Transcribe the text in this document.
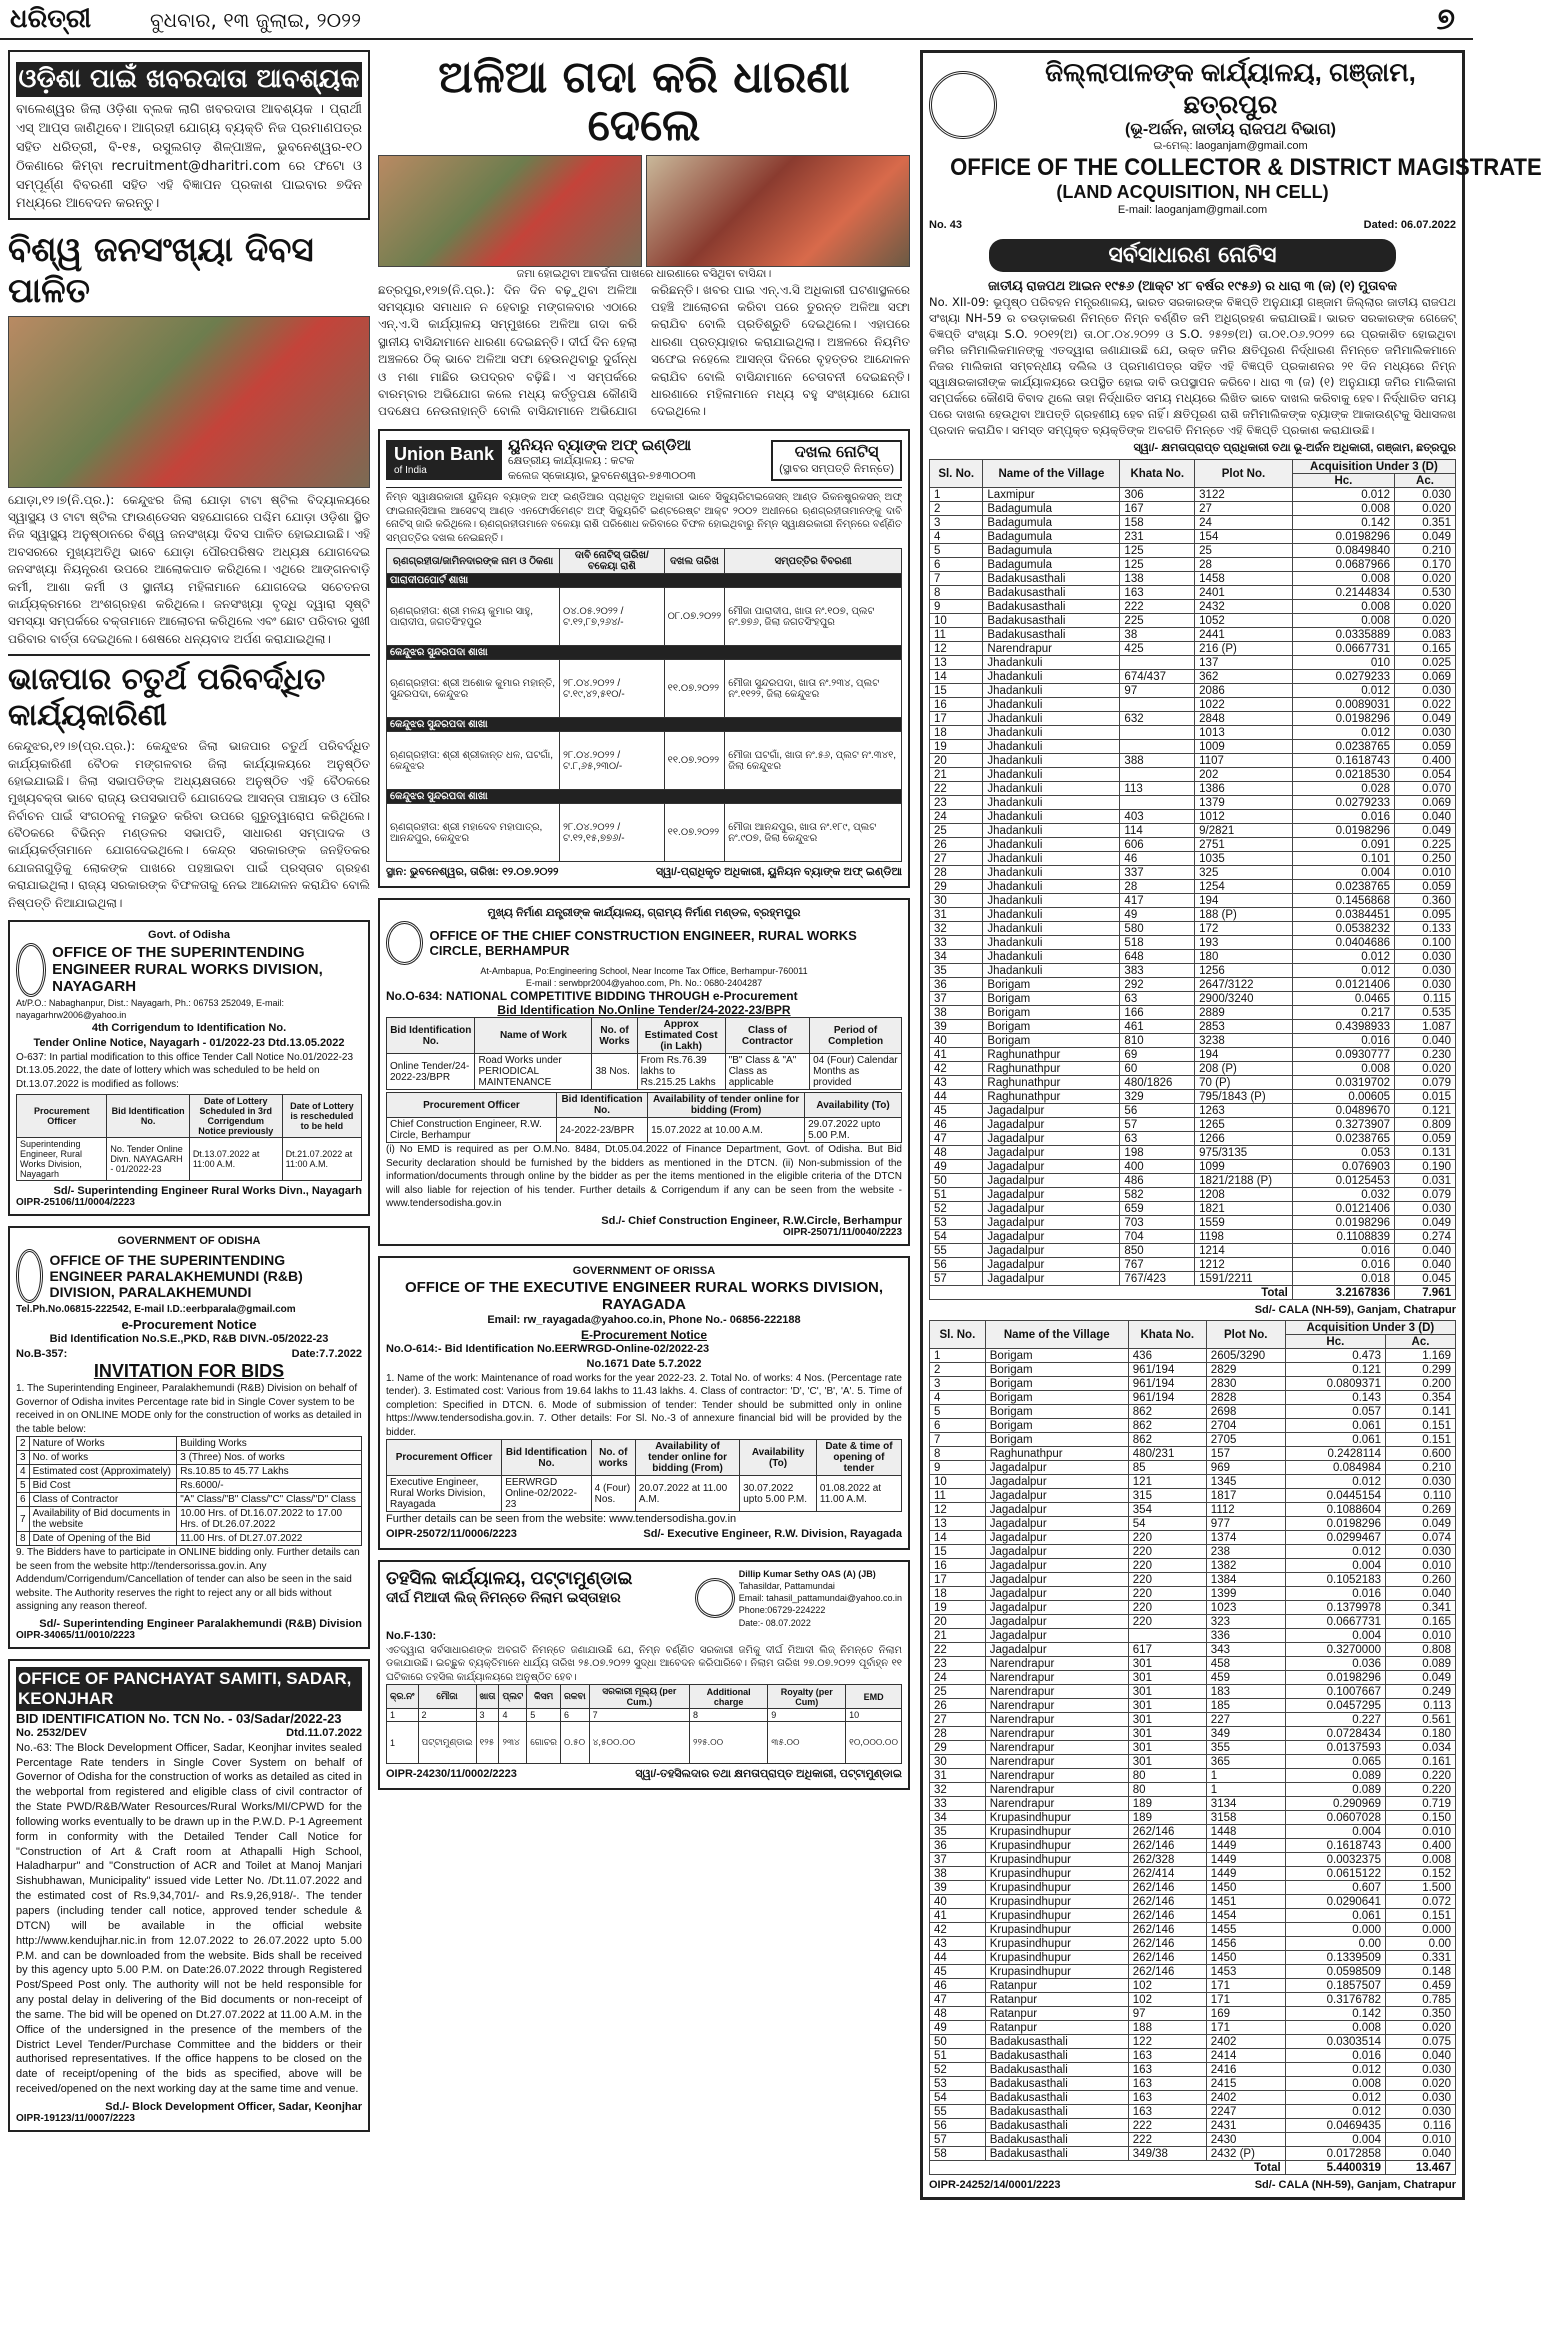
ଧରିତ୍ରୀ	ବୁଧବାର, ୧୩ ଜୁଲାଇ, ୨୦୨୨	୭
ଓଡ଼ିଶା ପାଇଁ ଖବରଦାତା ଆବଶ୍ୟକ
ବାଲେଶ୍ୱର ଜିଲା ଓଡ଼ିଶା ବ୍ଲକ ଲାଗି ଖବରଦାତା ଆବଶ୍ୟକ । ପ୍ରାର୍ଥୀ ଏସ୍ ଆପ୍ସ ଜାଣିଥିବେ। ଆଗ୍ରହୀ ଯୋଗ୍ୟ ବ୍ୟକ୍ତି ନିଜ ପ୍ରମାଣପତ୍ର ସହିତ ଧରିତ୍ରୀ, ବି-୧୫, ରସୁଲଗଡ଼ ଶିଳ୍ପାଞ୍ଚଳ, ଭୁବନେଶ୍ୱର-୧୦ ଠିକଣାରେ କିମ୍ବା recruitment@dharitri.com ରେ ଫଟୋ ଓ ସମ୍ପୂର୍ଣ୍ଣ ବିବରଣୀ ସହିତ ଏହି ବିଜ୍ଞାପନ ପ୍ରକାଶ ପାଇବାର ୭ଦିନ ମଧ୍ୟରେ ଆବେଦନ କରନ୍ତୁ।
ବିଶ୍ୱ ଜନସଂଖ୍ୟା ଦିବସ ପାଳିତ
ଯୋଡ଼ା,୧୨।୭(ନି.ପ୍ର.): କେନ୍ଦୁଝର ଜିଲା ଯୋଡ଼ା ଟାଟା ଷ୍ଟିଲ ବିଦ୍ୟାଳୟରେ ସ୍ୱାସ୍ଥ୍ୟ ଓ ଟାଟା ଷ୍ଟିଲ ଫାଉଣ୍ଡେସନ ସହଯୋଗରେ ପଶ୍ଚିମ ଯୋଡ଼ା ଓଡ଼ିଶା ସ୍ଥିତ ନିଜ ସ୍ୱାସ୍ଥ୍ୟ ଅନୁଷ୍ଠାନରେ ବିଶ୍ୱ ଜନସଂଖ୍ୟା ଦିବସ ପାଳିତ ହୋଇଯାଇଛି। ଏହି ଅବସରରେ ମୁଖ୍ୟଅତିଥି ଭାବେ ଯୋଡ଼ା ପୌରପରିଷଦ ଅଧ୍ୟକ୍ଷ ଯୋଗଦେଇ ଜନସଂଖ୍ୟା ନିୟନ୍ତ୍ରଣ ଉପରେ ଆଲୋକପାତ କରିଥିଲେ। ଏଥିରେ ଆଙ୍ଗନବାଡ଼ି କର୍ମୀ, ଆଶା କର୍ମୀ ଓ ସ୍ଥାନୀୟ ମହିଳାମାନେ ଯୋଗଦେଇ ସଚେତନତା କାର୍ଯ୍ୟକ୍ରମରେ ଅଂଶଗ୍ରହଣ କରିଥିଲେ। ଜନସଂଖ୍ୟା ବୃଦ୍ଧି ଦ୍ୱାରା ସୃଷ୍ଟି ସମସ୍ୟା ସମ୍ପର୍କରେ ବକ୍ତାମାନେ ଆଲୋଚନା କରିଥିଲେ ଏବଂ ଛୋଟ ପରିବାର ସୁଖୀ ପରିବାର ବାର୍ତ୍ତା ଦେଇଥିଲେ। ଶେଷରେ ଧନ୍ୟବାଦ ଅର୍ପଣ କରାଯାଇଥିଲା।
ଭାଜପାର ଚତୁର୍ଥ ପରିବର୍ଦ୍ଧିତ କାର୍ଯ୍ୟକାରିଣୀ
କେନ୍ଦୁଝର,୧୨।୭(ପ୍ର.ପ୍ର.): କେନ୍ଦୁଝର ଜିଲା ଭାଜପାର ଚତୁର୍ଥ ପରିବର୍ଦ୍ଧିତ କାର୍ଯ୍ୟକାରିଣୀ ବୈଠକ ମଙ୍ଗଳବାର ଜିଲା କାର୍ଯ୍ୟାଳୟରେ ଅନୁଷ୍ଠିତ ହୋଇଯାଇଛି। ଜିଲା ସଭାପତିଙ୍କ ଅଧ୍ୟକ୍ଷତାରେ ଅନୁଷ୍ଠିତ ଏହି ବୈଠକରେ ମୁଖ୍ୟବକ୍ତା ଭାବେ ରାଜ୍ୟ ଉପସଭାପତି ଯୋଗଦେଇ ଆସନ୍ତା ପଞ୍ଚାୟତ ଓ ପୌର ନିର୍ବାଚନ ପାଇଁ ସଂଗଠନକୁ ମଜଭୁତ କରିବା ଉପରେ ଗୁରୁତ୍ୱାରୋପ କରିଥିଲେ। ବୈଠକରେ ବିଭିନ୍ନ ମଣ୍ଡଳର ସଭାପତି, ସାଧାରଣ ସମ୍ପାଦକ ଓ କାର୍ଯ୍ୟକର୍ତ୍ତାମାନେ ଯୋଗଦେଇଥିଲେ। କେନ୍ଦ୍ର ସରକାରଙ୍କ ଜନହିତକର ଯୋଜନାଗୁଡ଼ିକୁ ଲୋକଙ୍କ ପାଖରେ ପହଞ୍ଚାଇବା ପାଇଁ ପ୍ରସ୍ତାବ ଗ୍ରହଣ କରାଯାଇଥିଲା। ରାଜ୍ୟ ସରକାରଙ୍କ ବିଫଳତାକୁ ନେଇ ଆନ୍ଦୋଳନ କରାଯିବ ବୋଲି ନିଷ୍ପତ୍ତି ନିଆଯାଇଥିଲା।
Govt. of Odisha
OFFICE OF THE SUPERINTENDING ENGINEER RURAL WORKS DIVISION, NAYAGARH
At/P.O.: Nabaghanpur, Dist.: Nayagarh, Ph.: 06753 252049, E-mail: nayagarhrw2006@yahoo.in
4th Corrigendum to Identification No.
Tender Online Notice, Nayagarh - 01/2022-23 Dtd.13.05.2022
O-637: In partial modification to this office Tender Call Notice No.01/2022-23 Dt.13.05.2022, the date of lottery which was scheduled to be held on Dt.13.07.2022 is modified as follows:
Procurement Officer	Bid Identification No.	Date of Lottery Scheduled in 3rd Corrigendum Notice previously	Date of Lottery is rescheduled to be held
Superintending Engineer, Rural Works Division, Nayagarh	No. Tender Online Divn. NAYAGARH - 01/2022-23	Dt.13.07.2022 at 11:00 A.M.	Dt.21.07.2022 at 11:00 A.M.
Sd/- Superintending Engineer Rural Works Divn., Nayagarh
OIPR-25106/11/0004/2223
GOVERNMENT OF ODISHA
OFFICE OF THE SUPERINTENDING ENGINEER PARALAKHEMUNDI (R&B) DIVISION, PARALAKHEMUNDI
Tel.Ph.No.06815-222542, E-mail I.D.:eerbparala@gmail.com
e-Procurement Notice
Bid Identification No.S.E.,PKD, R&B DIVN.-05/2022-23
No.B-357:	Date:7.7.2022
INVITATION FOR BIDS
1. The Superintending Engineer, Paralakhemundi (R&B) Division on behalf of Governor of Odisha invites Percentage rate bid in Single Cover system to be received in on ONLINE MODE only for the construction of works as detailed in the table below:
2	Nature of Works	Building Works
3	No. of works	3 (Three) Nos. of works
4	Estimated cost (Approximately)	Rs.10.85 to 45.77 Lakhs
5	Bid Cost	Rs.6000/-
6	Class of Contractor	"A" Class/"B" Class/"C" Class/"D" Class
7	Availability of Bid documents in the website	10.00 Hrs. of Dt.16.07.2022 to 17.00 Hrs. of Dt.26.07.2022
8	Date of Opening of the Bid	11.00 Hrs. of Dt.27.07.2022
9. The Bidders have to participate in ONLINE bidding only. Further details can be seen from the website http://tendersorissa.gov.in. Any Addendum/Corrigendum/Cancellation of tender can also be seen in the said website. The Authority reserves the right to reject any or all bids without assigning any reason thereof.
Sd/- Superintending Engineer Paralakhemundi (R&B) Division
OIPR-34065/11/0010/2223
OFFICE OF PANCHAYAT SAMITI, SADAR, KEONJHAR
BID IDENTIFICATION No. TCN No. - 03/Sadar/2022-23
No. 2532/DEV	Dtd.11.07.2022
No.-63: The Block Development Officer, Sadar, Keonjhar invites sealed Percentage Rate tenders in Single Cover System on behalf of Governor of Odisha for the construction of works as detailed as cited in the webportal from registered and eligible class of civil contractor of the State PWD/R&B/Water Resources/Rural Works/MI/CPWD for the following works eventually to be drawn up in the P.W.D. P-1 Agreement form in conformity with the Detailed Tender Call Notice for "Construction of Art & Craft room at Athapalli High School, Haladharpur" and "Construction of ACR and Toilet at Manoj Manjari Sishubhawan, Municipality" issued vide Letter No. /Dt.11.07.2022 and the estimated cost of Rs.9,34,701/- and Rs.9,26,918/-. The tender papers (including tender call notice, approved tender schedule & DTCN) will be available in the official website http://www.kendujhar.nic.in from 12.07.2022 to 26.07.2022 upto 5.00 P.M. and can be downloaded from the website. Bids shall be received by this agency upto 5.00 P.M. on Date:26.07.2022 through Registered Post/Speed Post only. The authority will not be held responsible for any postal delay in delivering of the Bid documents or non-receipt of the same. The bid will be opened on Dt.27.07.2022 at 11.00 A.M. in the Office of the undersigned in the presence of the members of the District Level Tender/Purchase Committee and the bidders or their authorised representatives. If the office happens to be closed on the date of receipt/opening of the bids as specified, above will be received/opened on the next working day at the same time and venue.
Sd./- Block Development Officer, Sadar, Keonjhar
OIPR-19123/11/0007/2223
ଅଳିଆ ଗଦା କରି ଧାରଣା ଦେଲେ
ଜମା ହୋଇଥିବା ଆବର୍ଜନା ପାଖରେ ଧାରଣାରେ ବସିଥିବା ବାସିନ୍ଦା।
ଛତ୍ରପୁର,୧୨ା୭(ନି.ପ୍ର.): ଦିନ ଦିନ ବଢ଼ୁଥିବା ଅଳିଆ ସମସ୍ୟାର ସମାଧାନ ନ ହେବାରୁ ମଙ୍ଗଳବାର ଏଠାରେ ଏନ୍.ଏ.ସି କାର୍ଯ୍ୟାଳୟ ସମ୍ମୁଖରେ ଅଳିଆ ଗଦା କରି ସ୍ଥାନୀୟ ବାସିନ୍ଦାମାନେ ଧାରଣା ଦେଇଛନ୍ତି। ଦୀର୍ଘ ଦିନ ହେଲା ଅଞ୍ଚଳରେ ଠିକ୍ ଭାବେ ଅଳିଆ ସଫା ହେଉନଥିବାରୁ ଦୁର୍ଗନ୍ଧ ଓ ମଶା ମାଛିର ଉପଦ୍ରବ ବଢ଼ିଛି। ଏ ସମ୍ପର୍କରେ ବାରମ୍ବାର ଅଭିଯୋଗ କଲେ ମଧ୍ୟ କର୍ତ୍ତୃପକ୍ଷ କୌଣସି ପଦକ୍ଷେପ ନେଉନାହାନ୍ତି ବୋଲି ବାସିନ୍ଦାମାନେ ଅଭିଯୋଗ କରିଛନ୍ତି। ଖବର ପାଇ ଏନ୍.ଏ.ସି ଅଧିକାରୀ ଘଟଣାସ୍ଥଳରେ ପହଞ୍ଚି ଆଲୋଚନା କରିବା ପରେ ତୁରନ୍ତ ଅଳିଆ ସଫା କରାଯିବ ବୋଲି ପ୍ରତିଶ୍ରୁତି ଦେଇଥିଲେ। ଏହାପରେ ଧାରଣା ପ୍ରତ୍ୟାହାର କରାଯାଇଥିଲା। ଅଞ୍ଚଳରେ ନିୟମିତ ସଫେଇ ନହେଲେ ଆସନ୍ତା ଦିନରେ ବୃହତ୍ତର ଆନ୍ଦୋଳନ କରାଯିବ ବୋଲି ବାସିନ୍ଦାମାନେ ଚେତାବନୀ ଦେଇଛନ୍ତି। ଧାରଣାରେ ମହିଳାମାନେ ମଧ୍ୟ ବହୁ ସଂଖ୍ୟାରେ ଯୋଗ ଦେଇଥିଲେ।
Union Bank
of India
ୟୁନିୟନ ବ୍ୟାଙ୍କ ଅଫ୍ ଇଣ୍ଡିଆ
କ୍ଷେତ୍ରୀୟ କାର୍ଯ୍ୟାଳୟ : କଟକ
କଲେଜ ସ୍କୋୟାର, ଭୁବନେଶ୍ୱର-୭୫୩୦୦୩
ଦଖଲ ନୋଟିସ୍
(ସ୍ଥାବର ସମ୍ପତ୍ତି ନିମନ୍ତେ)
ନିମ୍ନ ସ୍ୱାକ୍ଷରକାରୀ ୟୁନିୟନ ବ୍ୟାଙ୍କ ଅଫ୍ ଇଣ୍ଡିଆର ପ୍ରାଧିକୃତ ଅଧିକାରୀ ଭାବେ ସିକ୍ୟୁରିଟାଇଜେସନ୍ ଆଣ୍ଡ ରିକନଷ୍ଟ୍ରକସନ୍ ଅଫ୍ ଫାଇନାନ୍ସିଆଲ ଆସେଟସ୍ ଆଣ୍ଡ ଏନଫୋର୍ସମେଣ୍ଟ ଅଫ୍ ସିକ୍ୟୁରିଟି ଇଣ୍ଟରେଷ୍ଟ ଆକ୍ଟ ୨୦୦୨ ଅଧୀନରେ ଋଣଗ୍ରହୀତାମାନଙ୍କୁ ଦାବି ନୋଟିସ୍ ଜାରି କରିଥିଲେ। ଋଣଗ୍ରହୀତାମାନେ ବକେୟା ରାଶି ପରିଶୋଧ କରିବାରେ ବିଫଳ ହୋଇଥିବାରୁ ନିମ୍ନ ସ୍ୱାକ୍ଷରକାରୀ ନିମ୍ନରେ ବର୍ଣ୍ଣିତ ସମ୍ପତ୍ତିର ଦଖଲ ନେଇଛନ୍ତି।
ଋଣଗ୍ରହୀତା/ଜାମିନଦାରଙ୍କ ନାମ ଓ ଠିକଣା	ଦାବି ନୋଟିସ୍ ତାରିଖ/ବକେୟା ରାଶି	ଦଖଲ ତାରିଖ	ସମ୍ପତ୍ତିର ବିବରଣୀ
ପାରାଦୀପପୋର୍ଟ ଶାଖା			
ଋଣଗ୍ରହୀତା: ଶ୍ରୀ ମଳୟ କୁମାର ସାହୁ, ପାରାଦୀପ, ଜଗତସିଂହପୁର	୦୪.୦୫.୨୦୨୨ / ଟ.୧୨,୮୭,୨୬୪/-	୦୮.୦୭.୨୦୨୨	ମୌଜା ପାରାଦୀପ, ଖାତା ନଂ.୧୦୭, ପ୍ଲଟ ନଂ.୭୭୬, ଜିଲା ଜଗତସିଂହପୁର
କେନ୍ଦୁଝର ସୁନ୍ଦରପଦା ଶାଖା			
ଋଣଗ୍ରହୀତା: ଶ୍ରୀ ଅଶୋକ କୁମାର ମହାନ୍ତି, ସୁନ୍ଦରପଦା, କେନ୍ଦୁଝର	୨୮.୦୪.୨୦୨୨ / ଟ.୧୯,୪୨,୫୧୦/-	୧୧.୦୭.୨୦୨୨	ମୌଜା ସୁନ୍ଦରପଦା, ଖାତା ନଂ.୨୩୪, ପ୍ଲଟ ନଂ.୧୧୨୨, ଜିଲା କେନ୍ଦୁଝର
କେନ୍ଦୁଝର ସୁନ୍ଦରପଦା ଶାଖା			
ଋଣଗ୍ରହୀତା: ଶ୍ରୀ ଶ୍ରୀକାନ୍ତ ଧଳ, ଘଟଗାଁ, କେନ୍ଦୁଝର	୨୮.୦୪.୨୦୨୨ / ଟ.୮,୬୫,୨୩୦/-	୧୧.୦୭.୨୦୨୨	ମୌଜା ଘଟଗାଁ, ଖାତା ନଂ.୫୬, ପ୍ଲଟ ନଂ.୩୪୧, ଜିଲା କେନ୍ଦୁଝର
କେନ୍ଦୁଝର ସୁନ୍ଦରପଦା ଶାଖା			
ଋଣଗ୍ରହୀତା: ଶ୍ରୀ ମହାଦେବ ମହାପାତ୍ର, ଆନନ୍ଦପୁର, କେନ୍ଦୁଝର	୨୮.୦୪.୨୦୨୨ / ଟ.୧୨,୧୫,୭୭୬/-	୧୧.୦୭.୨୦୨୨	ମୌଜା ଆନନ୍ଦପୁର, ଖାତା ନଂ.୧୮୯, ପ୍ଲଟ ନଂ.୯୦୭, ଜିଲା କେନ୍ଦୁଝର
ସ୍ଥାନ: ଭୁବନେଶ୍ୱର, ତାରିଖ: ୧୨.୦୭.୨୦୨୨	ସ୍ୱା/-ପ୍ରାଧିକୃତ ଅଧିକାରୀ, ୟୁନିୟନ ବ୍ୟାଙ୍କ ଅଫ୍ ଇଣ୍ଡିଆ
ମୁଖ୍ୟ ନିର୍ମାଣ ଯନ୍ତ୍ରୀଙ୍କ କାର୍ଯ୍ୟାଳୟ, ଗ୍ରାମ୍ୟ ନିର୍ମାଣ ମଣ୍ଡଳ, ବ୍ରହ୍ମପୁର
OFFICE OF THE CHIEF CONSTRUCTION ENGINEER, RURAL WORKS CIRCLE, BERHAMPUR
At-Ambapua, Po:Engineering School, Near Income Tax Office, Berhampur-760011
E-mail : serwbpr2004@yahoo.com, Ph. No.: 0680-2404287
No.O-634: NATIONAL COMPETITIVE BIDDING THROUGH e-Procurement
Bid Identification No.Online Tender/24-2022-23/BPR
Bid Identification No.	Name of Work	No. of Works	Approx Estimated Cost (in Lakh)	Class of Contractor	Period of Completion
Online Tender/24-2022-23/BPR	Road Works under PERIODICAL MAINTENANCE	38 Nos.	From Rs.76.39 lakhs to Rs.215.25 Lakhs	"B" Class & "A" Class as applicable	04 (Four) Calendar Months as provided
Procurement Officer	Bid Identification No.	Availability of tender online for bidding (From)	Availability (To)
Chief Construction Engineer, R.W. Circle, Berhampur	24-2022-23/BPR	15.07.2022 at 10.00 A.M.	29.07.2022 upto 5.00 P.M.
(i) No EMD is required as per O.M.No. 8484, Dt.05.04.2022 of Finance Department, Govt. of Odisha. But Bid Security declaration should be furnished by the bidders as mentioned in the DTCN. (ii) Non-submission of the information/documents through online by the bidder as per the items mentioned in the eligible criteria of the DTCN will also liable for rejection of his tender. Further details & Corrigendum if any can be seen from the website - www.tendersodisha.gov.in
Sd./- Chief Construction Engineer, R.W.Circle, Berhampur
OIPR-25071/11/0040/2223
GOVERNMENT OF ORISSA
OFFICE OF THE EXECUTIVE ENGINEER RURAL WORKS DIVISION, RAYAGADA
Email: rw_rayagada@yahoo.co.in, Phone No.- 06856-222188
E-Procurement Notice
No.O-614:- Bid Identification No.EERWRGD-Online-02/2022-23
No.1671 Date 5.7.2022
1. Name of the work: Maintenance of road works for the year 2022-23. 2. Total No. of works: 4 Nos. (Percentage rate tender). 3. Estimated cost: Various from 19.64 lakhs to 11.43 lakhs. 4. Class of contractor: 'D', 'C', 'B', 'A'. 5. Time of completion: Specified in DTCN. 6. Mode of submission of tender: Tender should be submitted only in online https://www.tendersodisha.gov.in. 7. Other details: For Sl. No.-3 of annexure financial bid will be provided by the bidder.
Procurement Officer	Bid Identification No.	No. of works	Availability of tender online for bidding (From)	Availability (To)	Date & time of opening of tender
Executive Engineer, Rural Works Division, Rayagada	EERWRGD Online-02/2022-23	4 (Four) Nos.	20.07.2022 at 11.00 A.M.	30.07.2022 upto 5.00 P.M.	01.08.2022 at 11.00 A.M.
Further details can be seen from the website: www.tendersodisha.gov.in
OIPR-25072/11/0006/2223	Sd/- Executive Engineer, R.W. Division, Rayagada
ତହସିଲ କାର୍ଯ୍ୟାଳୟ, ପଟ୍ଟାମୁଣ୍ଡାଇ
ଦୀର୍ଘ ମିଆଦୀ ଲିଜ୍ ନିମନ୍ତେ ନିଲାମ ଇସ୍ତାହାର
Dillip Kumar Sethy OAS (A) (JB)
Tahasildar, Pattamundai
Email: tahasil_pattamundai@yahoo.co.in
Phone:06729-224222
Date:- 08.07.2022
No.F-130:
ଏତଦ୍ୱାରା ସର୍ବସାଧାରଣଙ୍କ ଅବଗତି ନିମନ୍ତେ ଜଣାଯାଉଛି ଯେ, ନିମ୍ନ ବର୍ଣ୍ଣିତ ସରକାରୀ ଜମିକୁ ଦୀର୍ଘ ମିଆଦୀ ଲିଜ୍ ନିମନ୍ତେ ନିଲାମ ଡକାଯାଉଛି। ଇଚ୍ଛୁକ ବ୍ୟକ୍ତିମାନେ ଧାର୍ଯ୍ୟ ତାରିଖ ୨୫.୦୭.୨୦୨୨ ସୁଦ୍ଧା ଆବେଦନ କରିପାରିବେ। ନିଲାମ ତାରିଖ ୨୭.୦୭.୨୦୨୨ ପୂର୍ବାହ୍ନ ୧୧ ଘଟିକାରେ ତହସିଲ କାର୍ଯ୍ୟାଳୟରେ ଅନୁଷ୍ଠିତ ହେବ।
କ୍ର.ନଂ	ମୌଜା	ଖାତା	ପ୍ଲଟ	କିସମ	ରକବା	ସରକାରୀ ମୂଲ୍ୟ (per Cum.)	Additional charge	Royalty (per Cum)	EMD
1	2	3	4	5	6	7	8	9	10
1	ପଟ୍ଟାମୁଣ୍ଡାଇ	୧୨୫	୨୩୪	ଗୋଚର	୦.୫୦	୪,୫୦୦.୦୦	୨୨୫.୦୦	୩୫.୦୦	୧୦,୦୦୦.୦୦
OIPR-24230/11/0002/2223	ସ୍ୱା/-ତହସିଲଦାର ତଥା କ୍ଷମତାପ୍ରାପ୍ତ ଅଧିକାରୀ, ପଟ୍ଟାମୁଣ୍ଡାଇ
ଜିଲ୍ଲାପାଳଙ୍କ କାର୍ଯ୍ୟାଳୟ, ଗଞ୍ଜାମ, ଛତ୍ରପୁର
(ଭୂ-ଅର୍ଜନ, ଜାତୀୟ ରାଜପଥ ବିଭାଗ)
ଇ-ମେଲ୍: laoganjam@gmail.com
OFFICE OF THE COLLECTOR & DISTRICT MAGISTRATE
(LAND ACQUISITION, NH CELL)
E-mail: laoganjam@gmail.com
No. 43	Dated: 06.07.2022
ସର୍ବସାଧାରଣ ନୋଟିସ
ଜାତୀୟ ରାଜପଥ ଆଇନ ୧୯୫୬ (ଆକ୍ଟ ୪୮ ବର୍ଷର ୧୯୫୬) ର ଧାରା ୩ (ଜ) (୧) ମୁତାବକ
No. XII-09: ଭୂପୃଷ୍ଠ ପରିବହନ ମନ୍ତ୍ରଣାଳୟ, ଭାରତ ସରକାରଙ୍କ ବିଜ୍ଞପ୍ତି ଅନୁଯାୟୀ ଗଞ୍ଜାମ ଜିଲ୍ଲାର ଜାତୀୟ ରାଜପଥ ସଂଖ୍ୟା NH-59 ର ଚଉଡ଼ାକରଣ ନିମନ୍ତେ ନିମ୍ନ ବର୍ଣ୍ଣିତ ଜମି ଅଧିଗ୍ରହଣ କରାଯାଉଛି। ଭାରତ ସରକାରଙ୍କ ଗେଜେଟ୍ ବିଜ୍ଞପ୍ତି ସଂଖ୍ୟା S.O. ୨୦୧୨(ଅ) ତା.୦୮.୦୪.୨୦୨୨ ଓ S.O. ୨୫୨୭(ଅ) ତା.୦୧.୦୬.୨୦୨୨ ରେ ପ୍ରକାଶିତ ହୋଇଥିବା ଜମିର ଜମିମାଲିକମାନଙ୍କୁ ଏତଦ୍ୱାରା ଜଣାଯାଉଛି ଯେ, ଉକ୍ତ ଜମିର କ୍ଷତିପୂରଣ ନିର୍ଦ୍ଧାରଣ ନିମନ୍ତେ ଜମିମାଲିକମାନେ ନିଜର ମାଲିକାନା ସମ୍ବନ୍ଧୀୟ ଦଲିଲ ଓ ପ୍ରମାଣପତ୍ର ସହିତ ଏହି ବିଜ୍ଞପ୍ତି ପ୍ରକାଶନର ୨୧ ଦିନ ମଧ୍ୟରେ ନିମ୍ନ ସ୍ୱାକ୍ଷରକାରୀଙ୍କ କାର୍ଯ୍ୟାଳୟରେ ଉପସ୍ଥିତ ହୋଇ ଦାବି ଉପସ୍ଥାପନ କରିବେ। ଧାରା ୩ (ଜ) (୧) ଅନୁଯାୟୀ ଜମିର ମାଲିକାନା ସମ୍ପର୍କରେ କୌଣସି ବିବାଦ ଥିଲେ ତାହା ନିର୍ଦ୍ଧାରିତ ସମୟ ମଧ୍ୟରେ ଲିଖିତ ଭାବେ ଦାଖଲ କରିବାକୁ ହେବ। ନିର୍ଦ୍ଧାରିତ ସମୟ ପରେ ଦାଖଲ ହେଉଥିବା ଆପତ୍ତି ଗ୍ରହଣୀୟ ହେବ ନାହିଁ। କ୍ଷତିପୂରଣ ରାଶି ଜମିମାଲିକଙ୍କ ବ୍ୟାଙ୍କ ଆକାଉଣ୍ଟକୁ ସିଧାସଳଖ ପ୍ରଦାନ କରାଯିବ। ସମସ୍ତ ସମ୍ପୃକ୍ତ ବ୍ୟକ୍ତିଙ୍କ ଅବଗତି ନିମନ୍ତେ ଏହି ବିଜ୍ଞପ୍ତି ପ୍ରକାଶ କରାଯାଉଛି।
ସ୍ୱା/- କ୍ଷମତାପ୍ରାପ୍ତ ପ୍ରାଧିକାରୀ ତଥା ଭୂ-ଅର୍ଜନ ଅଧିକାରୀ, ଗଞ୍ଜାମ, ଛତ୍ରପୁର
Sl. No.	Name of the Village	Khata No.	Plot No.	Acquisition Under 3 (D)	
				Hc.	Ac.
1	Laxmipur	306	3122	0.012	0.030
2	Badagumula	167	27	0.008	0.020
3	Badagumula	158	24	0.142	0.351
4	Badagumula	231	154	0.0198296	0.049
5	Badagumula	125	25	0.0849840	0.210
6	Badagumula	125	28	0.0687966	0.170
7	Badakusasthali	138	1458	0.008	0.020
8	Badakusasthali	163	2401	0.2144834	0.530
9	Badakusasthali	222	2432	0.008	0.020
10	Badakusasthali	225	1052	0.008	0.020
11	Badakusasthali	38	2441	0.0335889	0.083
12	Narendrapur	425	216 (P)	0.0667731	0.165
13	Jhadankuli		137	010	0.025
14	Jhadankuli	674/437	362	0.0279233	0.069
15	Jhadankuli	97	2086	0.012	0.030
16	Jhadankuli		1022	0.0089031	0.022
17	Jhadankuli	632	2848	0.0198296	0.049
18	Jhadankuli		1013	0.012	0.030
19	Jhadankuli		1009	0.0238765	0.059
20	Jhadankuli	388	1107	0.1618743	0.400
21	Jhadankuli		202	0.0218530	0.054
22	Jhadankuli	113	1386	0.028	0.070
23	Jhadankuli		1379	0.0279233	0.069
24	Jhadankuli	403	1012	0.016	0.040
25	Jhadankuli	114	9/2821	0.0198296	0.049
26	Jhadankuli	606	2751	0.091	0.225
27	Jhadankuli	46	1035	0.101	0.250
28	Jhadankuli	337	325	0.004	0.010
29	Jhadankuli	28	1254	0.0238765	0.059
30	Jhadankuli	417	194	0.1456868	0.360
31	Jhadankuli	49	188 (P)	0.0384451	0.095
32	Jhadankuli	580	172	0.0538232	0.133
33	Jhadankuli	518	193	0.0404686	0.100
34	Jhadankuli	648	180	0.012	0.030
35	Jhadankuli	383	1256	0.012	0.030
36	Borigam	292	2647/3122	0.0121406	0.030
37	Borigam	63	2900/3240	0.0465	0.115
38	Borigam	166	2889	0.217	0.535
39	Borigam	461	2853	0.4398933	1.087
40	Borigam	810	3238	0.016	0.040
41	Raghunathpur	69	194	0.0930777	0.230
42	Raghunathpur	60	208 (P)	0.008	0.020
43	Raghunathpur	480/1826	70 (P)	0.0319702	0.079
44	Raghunathpur	329	795/1843 (P)	0.00605	0.015
45	Jagadalpur	56	1263	0.0489670	0.121
46	Jagadalpur	57	1265	0.3273907	0.809
47	Jagadalpur	63	1266	0.0238765	0.059
48	Jagadalpur	198	975/3135	0.053	0.131
49	Jagadalpur	400	1099	0.076903	0.190
50	Jagadalpur	486	1821/2188 (P)	0.0125453	0.031
51	Jagadalpur	582	1208	0.032	0.079
52	Jagadalpur	659	1821	0.0121406	0.030
53	Jagadalpur	703	1559	0.0198296	0.049
54	Jagadalpur	704	1198	0.1108839	0.274
55	Jagadalpur	850	1214	0.016	0.040
56	Jagadalpur	767	1212	0.016	0.040
57	Jagadalpur	767/423	1591/2211	0.018	0.045
Total				3.2167836	7.961
Sd/- CALA (NH-59), Ganjam, Chatrapur
Sl. No.	Name of the Village	Khata No.	Plot No.	Acquisition Under 3 (D)	
				Hc.	Ac.
1	Borigam	436	2605/3290	0.473	1.169
2	Borigam	961/194	2829	0.121	0.299
3	Borigam	961/194	2830	0.0809371	0.200
4	Borigam	961/194	2828	0.143	0.354
5	Borigam	862	2698	0.057	0.141
6	Borigam	862	2704	0.061	0.151
7	Borigam	862	2705	0.061	0.151
8	Raghunathpur	480/231	157	0.2428114	0.600
9	Jagadalpur	85	969	0.084984	0.210
10	Jagadalpur	121	1345	0.012	0.030
11	Jagadalpur	315	1817	0.0445154	0.110
12	Jagadalpur	354	1112	0.1088604	0.269
13	Jagadalpur	54	977	0.0198296	0.049
14	Jagadalpur	220	1374	0.0299467	0.074
15	Jagadalpur	220	238	0.012	0.030
16	Jagadalpur	220	1382	0.004	0.010
17	Jagadalpur	220	1384	0.1052183	0.260
18	Jagadalpur	220	1399	0.016	0.040
19	Jagadalpur	220	1023	0.1379978	0.341
20	Jagadalpur	220	323	0.0667731	0.165
21	Jagadalpur		336	0.004	0.010
22	Jagadalpur	617	343	0.3270000	0.808
23	Narendrapur	301	458	0.036	0.089
24	Narendrapur	301	459	0.0198296	0.049
25	Narendrapur	301	183	0.1007667	0.249
26	Narendrapur	301	185	0.0457295	0.113
27	Narendrapur	301	227	0.227	0.561
28	Narendrapur	301	349	0.0728434	0.180
29	Narendrapur	301	355	0.0137593	0.034
30	Narendrapur	301	365	0.065	0.161
31	Narendrapur	80	1	0.089	0.220
32	Narendrapur	80	1	0.089	0.220
33	Narendrapur	189	3134	0.290969	0.719
34	Krupasindhupur	189	3158	0.0607028	0.150
35	Krupasindhupur	262/146	1448	0.004	0.010
36	Krupasindhupur	262/146	1449	0.1618743	0.400
37	Krupasindhupur	262/328	1449	0.0032375	0.008
38	Krupasindhupur	262/414	1449	0.0615122	0.152
39	Krupasindhupur	262/146	1450	0.607	1.500
40	Krupasindhupur	262/146	1451	0.0290641	0.072
41	Krupasindhupur	262/146	1454	0.061	0.151
42	Krupasindhupur	262/146	1455	0.000	0.000
43	Krupasindhupur	262/146	1456	0.00	0.00
44	Krupasindhupur	262/146	1450	0.1339509	0.331
45	Krupasindhupur	262/146	1453	0.0598509	0.148
46	Ratanpur	102	171	0.1857507	0.459
47	Ratanpur	102	171	0.3176782	0.785
48	Ratanpur	97	169	0.142	0.350
49	Ratanpur	188	171	0.008	0.020
50	Badakusasthali	122	2402	0.0303514	0.075
51	Badakusasthali	163	2414	0.016	0.040
52	Badakusasthali	163	2416	0.012	0.030
53	Badakusasthali	163	2415	0.008	0.020
54	Badakusasthali	163	2402	0.012	0.030
55	Badakusasthali	163	2247	0.012	0.030
56	Badakusasthali	222	2431	0.0469435	0.116
57	Badakusasthali	222	2430	0.004	0.010
58	Badakusasthali	349/38	2432 (P)	0.0172858	0.040
Total				5.4400319	13.467
OIPR-24252/14/0001/2223	Sd/- CALA (NH-59), Ganjam, Chatrapur
